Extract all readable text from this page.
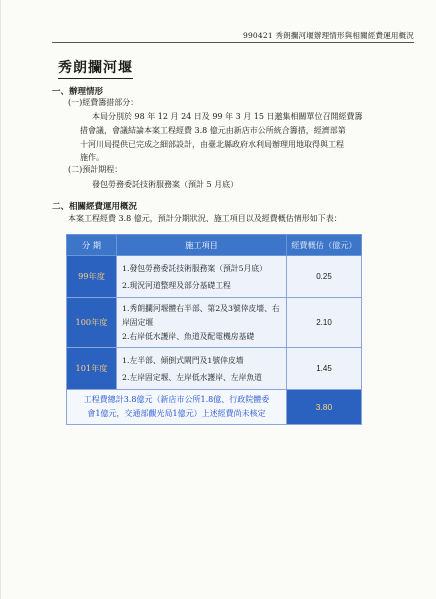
990421 秀朗攔河堰辦理情形與相關經費運用概況
秀朗攔河堰
一、辦理情形
(一)經費籌措部分：
本局分別於 98 年 12 月 24 日及 99 年 3 月 15 日邀集相關單位召開經費籌
措會議，會議結論本案工程經費 3.8 億元由新店市公所統合籌措，經濟部第
十河川局提供已完成之細部設計，由臺北縣政府水利局辦理用地取得與工程
施作。
(二)預計期程：
發包勞務委託技術服務案（預計 5 月底）
二、相關經費運用概況
本案工程經費 3.8 億元，預計分期狀況、施工項目以及經費概估情形如下表：
分 期	施工項目	經費概估（億元）
99年度	1.發包勞務委託技術服務案（預計5月底）
2.現況河道整理及部分基礎工程	0.25
100年度	1.秀朗攔河堰體右半部、第2及3號倖皮墻、右岸固定堰
2.右岸低水護岸、魚道及配電機房基礎	2.10
101年度	1.左半部、傾倒式閘門及1號倖皮墻
2.左岸固定堰、左岸低水護岸、左岸魚道	1.45

工程費總計3.8億元（新店市公所1.8億、行政院體委
會1億元，交通部觀光局1億元）上述經費尚未核定		3.80
